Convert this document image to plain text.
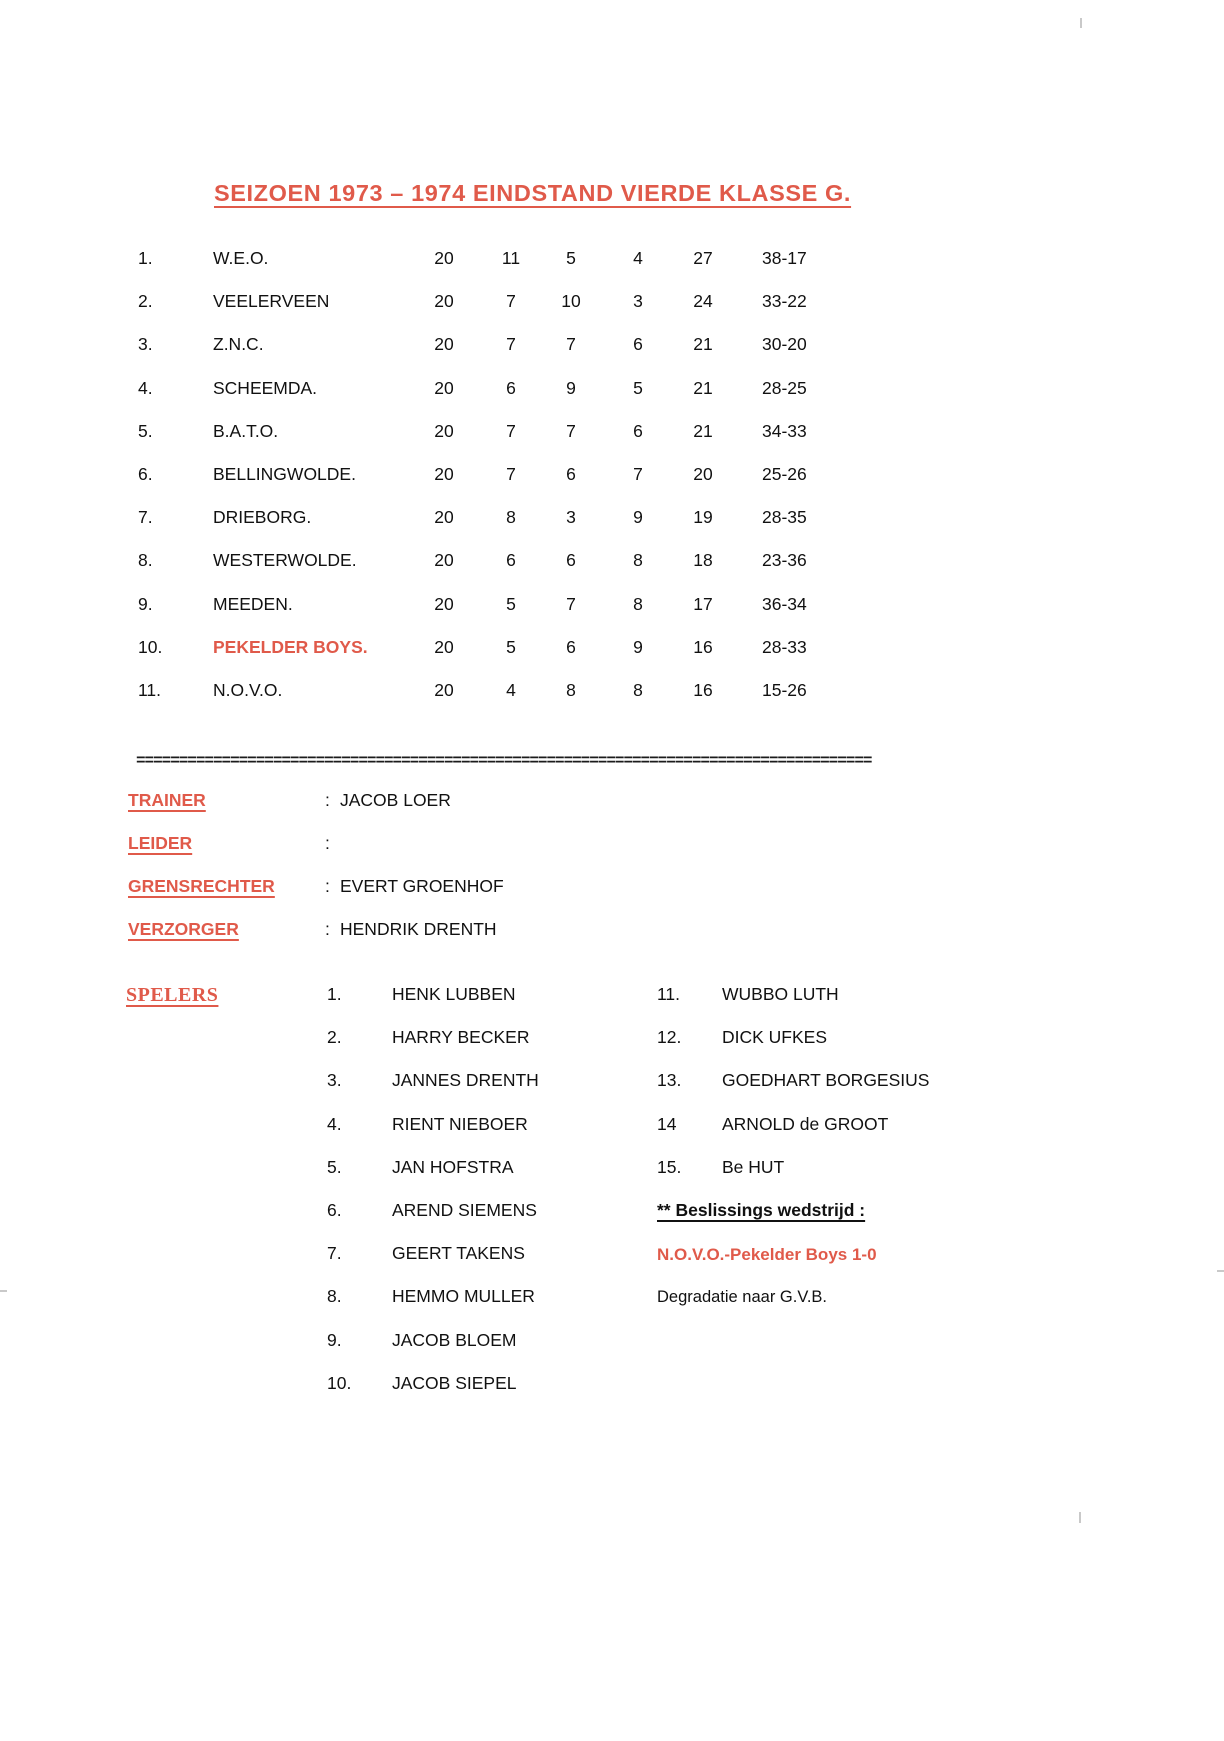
SEIZOEN 1973 – 1974 EINDSTAND VIERDE KLASSE G.
1.	W.E.O.	20	11	5	4	27	38-17
2.	VEELERVEEN	20	7	10	3	24	33-22
3.	Z.N.C.	20	7	7	6	21	30-20
4.	SCHEEMDA.	20	6	9	5	21	28-25
5.	B.A.T.O.	20	7	7	6	21	34-33
6.	BELLINGWOLDE.	20	7	6	7	20	25-26
7.	DRIEBORG.	20	8	3	9	19	28-35
8.	WESTERWOLDE.	20	6	6	8	18	23-36
9.	MEEDEN.	20	5	7	8	17	36-34
10.	PEKELDER BOYS.	20	5	6	9	16	28-33
11.	N.O.V.O.	20	4	8	8	16	15-26
======================================================================================
TRAINER	: JACOB LOER
LEIDER	:
GRENSRECHTER	: EVERT GROENHOF
VERZORGER	: HENDRIK DRENTH
SPELERS	1.	HENK LUBBEN
2.	HARRY BECKER
3.	JANNES DRENTH
4.	RIENT NIEBOER
5.	JAN HOFSTRA
6.	AREND SIEMENS
7.	GEERT TAKENS
8.	HEMMO MULLER
9.	JACOB BLOEM
10. JACOB SIEPEL
11. WUBBO LUTH
12. DICK UFKES
13. GOEDHART BORGESIUS
14	ARNOLD de GROOT
15. Be HUT
** Beslissings wedstrijd :
N.O.V.O.-Pekelder Boys 1-0
Degradatie naar G.V.B.
